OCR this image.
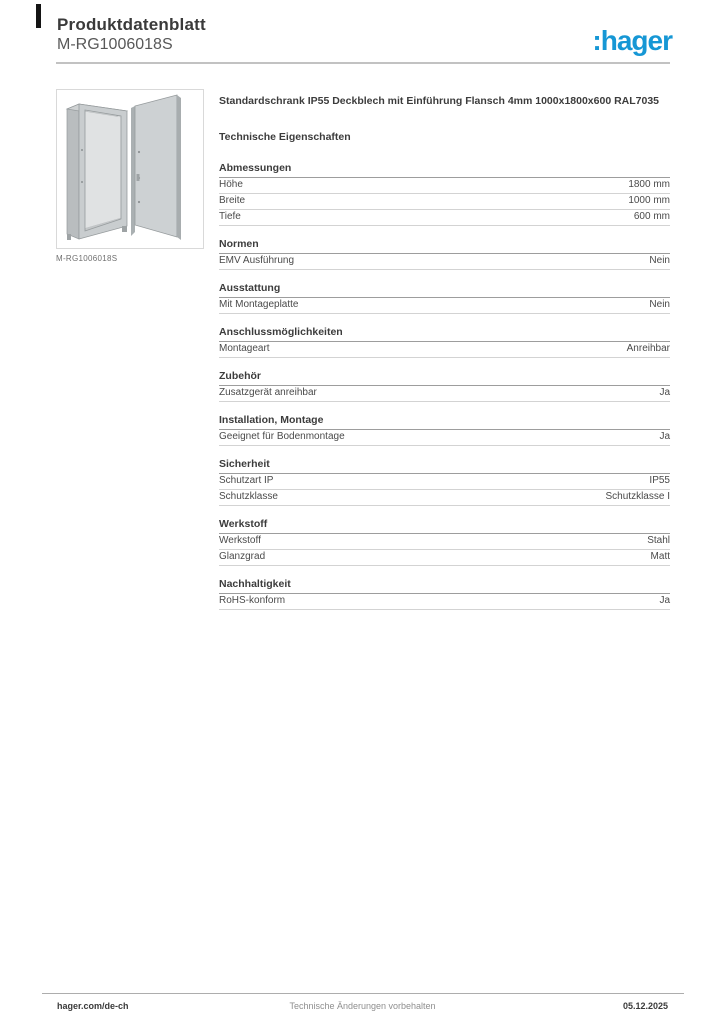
Produktdatenblatt
M-RG1006018S	:hager
M-RG1006018S
Standardschrank IP55 Deckblech mit Einführung Flansch 4mm 1000x1800x600 RAL7035
Technische Eigenschaften
Abmessungen
Höhe	1800 mm
Breite	1000 mm
Tiefe	600 mm
Normen
EMV Ausführung	Nein
Ausstattung
Mit Montageplatte	Nein
Anschlussmöglichkeiten
Montageart	Anreihbar
Zubehör
Zusatzgerät anreihbar	Ja
Installation, Montage
Geeignet für Bodenmontage	Ja
Sicherheit
Schutzart IP	IP55
Schutzklasse	Schutzklasse I
Werkstoff
Werkstoff	Stahl
Glanzgrad	Matt
Nachhaltigkeit
RoHS-konform	Ja
hager.com/de-ch	Technische Änderungen vorbehalten	05.12.2025
